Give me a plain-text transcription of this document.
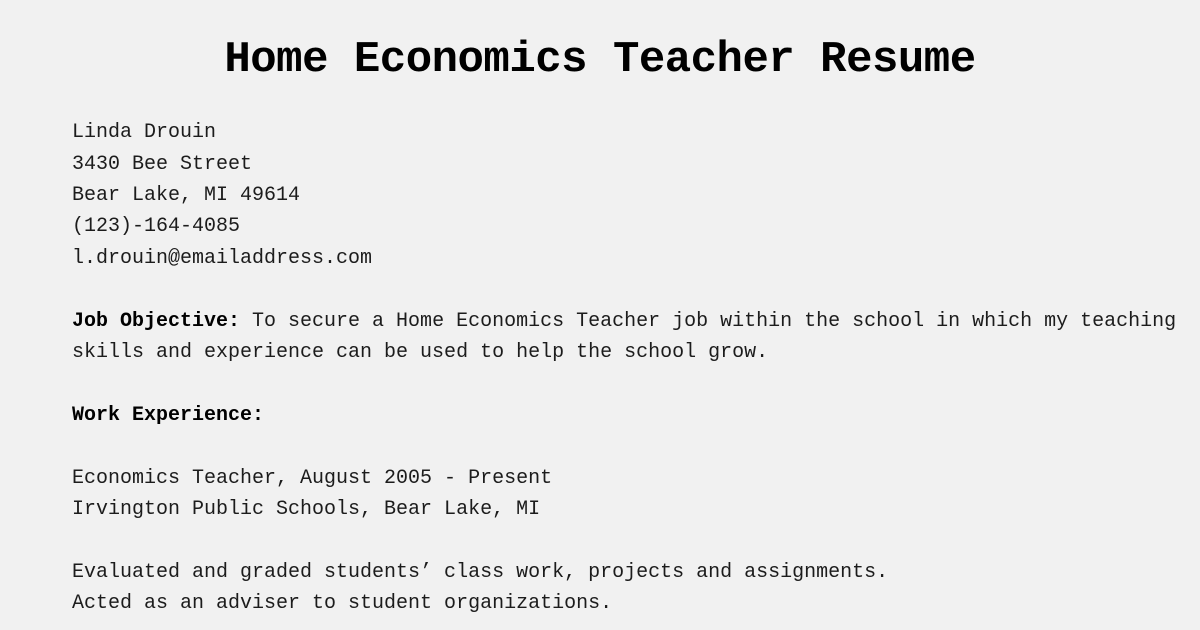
Home Economics Teacher Resume

Linda Drouin

3430 Bee Street

Bear Lake, MI 49614

(123)-164-4085

l.drouin@emailaddress.com

Job Objective: To secure a Home Economics Teacher job within the school in which my teaching

skills and experience can be used to help the school grow.

Work Experience:

Economics Teacher, August 2005 - Present

Irvington Public Schools, Bear Lake, MI

Evaluated and graded students’ class work, projects and assignments.

Acted as an adviser to student organizations.
